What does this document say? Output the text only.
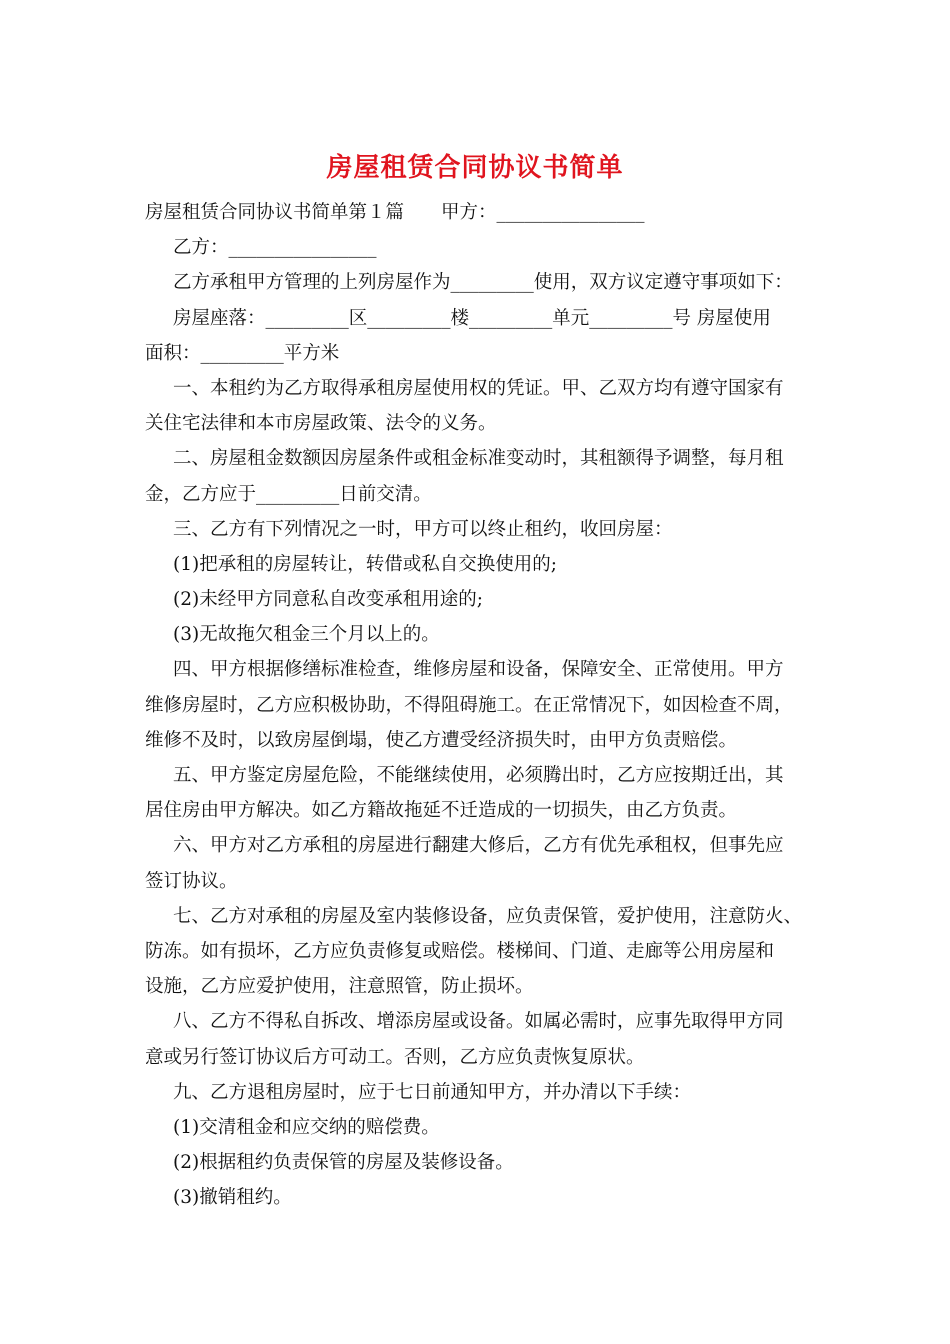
房屋租赁合同协议书简单
房屋租赁合同协议书简单第１篇　　甲方：________________
乙方：________________
乙方承租甲方管理的上列房屋作为_________使用，双方议定遵守事项如下：
房屋座落：_________区_________楼_________单元_________号 房屋使用
面积：_________平方米
一、本租约为乙方取得承租房屋使用权的凭证。甲、乙双方均有遵守国家有
关住宅法律和本市房屋政策、法令的义务。
二、房屋租金数额因房屋条件或租金标准变动时，其租额得予调整，每月租
金，乙方应于_________日前交清。
三、乙方有下列情况之一时，甲方可以终止租约，收回房屋：
(1)把承租的房屋转让，转借或私自交换使用的;
(2)未经甲方同意私自改变承租用途的;
(3)无故拖欠租金三个月以上的。
四、甲方根据修缮标准检查，维修房屋和设备，保障安全、正常使用。甲方
维修房屋时，乙方应积极协助，不得阻碍施工。在正常情况下，如因检查不周，
维修不及时，以致房屋倒塌，使乙方遭受经济损失时，由甲方负责赔偿。
五、甲方鉴定房屋危险，不能继续使用，必须腾出时，乙方应按期迁出，其
居住房由甲方解决。如乙方籍故拖延不迁造成的一切损失，由乙方负责。
六、甲方对乙方承租的房屋进行翻建大修后，乙方有优先承租权，但事先应
签订协议。
七、乙方对承租的房屋及室内装修设备，应负责保管，爱护使用，注意防火、
防冻。如有损坏，乙方应负责修复或赔偿。楼梯间、门道、走廊等公用房屋和
设施，乙方应爱护使用，注意照管，防止损坏。
八、乙方不得私自拆改、增添房屋或设备。如属必需时，应事先取得甲方同
意或另行签订协议后方可动工。否则，乙方应负责恢复原状。
九、乙方退租房屋时，应于七日前通知甲方，并办清以下手续：
(1)交清租金和应交纳的赔偿费。
(2)根据租约负责保管的房屋及装修设备。
(3)撤销租约。
